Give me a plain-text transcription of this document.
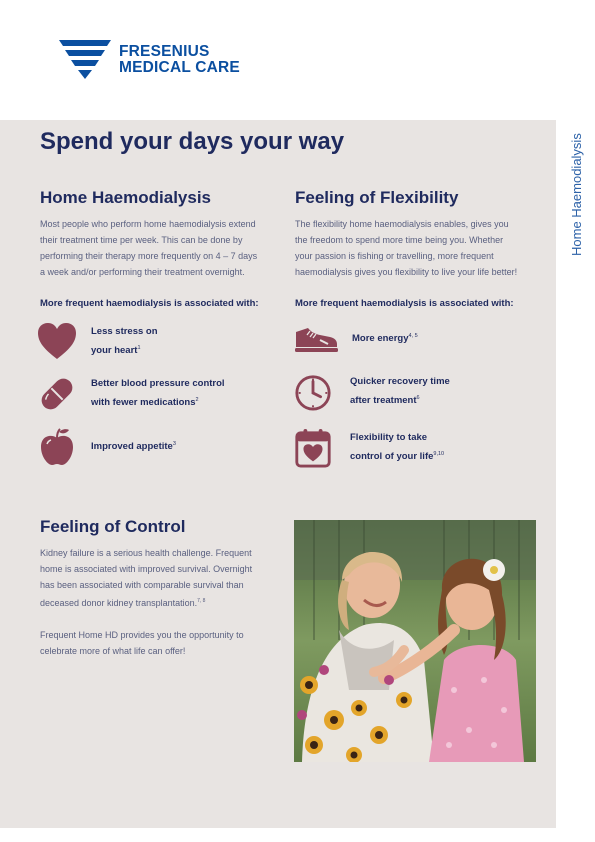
FRESENIUS
MEDICAL CARE
Home Haemodialysis
Spend your days your way
Home Haemodialysis
Most people who perform home haemodialysis extend
their treatment time per week. This can be done by
performing their therapy more frequently on 4 – 7 days
a week and/or performing their treatment overnight.
More frequent haemodialysis is associated with:
Less stress on
your heart$^1$
Better blood pressure control
with fewer medications$^2$
Improved appetite$^3$
Feeling of Flexibility
The flexibility home haemodialysis enables, gives you
the freedom to spend more time being you. Whether
your passion is fishing or travelling, more frequent
haemodialysis gives you flexibility to live your life better!
More frequent haemodialysis is associated with:
More energy$^{4, 5}$
Quicker recovery time
after treatment$^6$
Flexibility to take
control of your life$^{9,10}$
Feeling of Control
Kidney failure is a serious health challenge. Frequent
home is associated with improved survival. Overnight
has been associated with comparable survival than
deceased donor kidney transplantation.$^{7, 8}$
Frequent Home HD provides you the opportunity to
celebrate more of what life can offer!
